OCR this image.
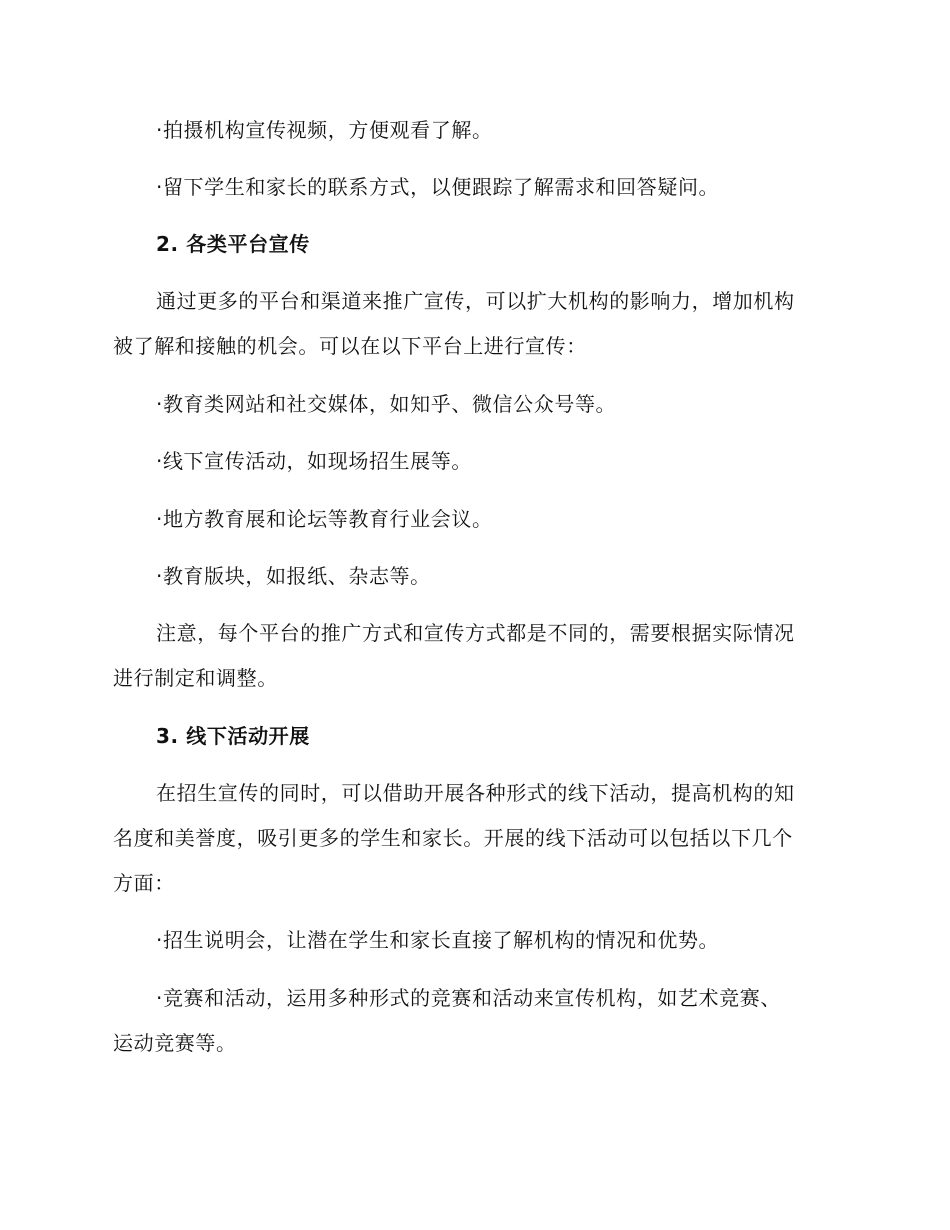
·拍摄机构宣传视频，方便观看了解。
·留下学生和家长的联系方式，以便跟踪了解需求和回答疑问。
2. 各类平台宣传
通过更多的平台和渠道来推广宣传，可以扩大机构的影响力，增加机构
被了解和接触的机会。可以在以下平台上进行宣传：
·教育类网站和社交媒体，如知乎、微信公众号等。
·线下宣传活动，如现场招生展等。
·地方教育展和论坛等教育行业会议。
·教育版块，如报纸、杂志等。
注意，每个平台的推广方式和宣传方式都是不同的，需要根据实际情况
进行制定和调整。
3. 线下活动开展
在招生宣传的同时，可以借助开展各种形式的线下活动，提高机构的知
名度和美誉度，吸引更多的学生和家长。开展的线下活动可以包括以下几个
方面：
·招生说明会，让潜在学生和家长直接了解机构的情况和优势。
·竞赛和活动，运用多种形式的竞赛和活动来宣传机构，如艺术竞赛、
运动竞赛等。
